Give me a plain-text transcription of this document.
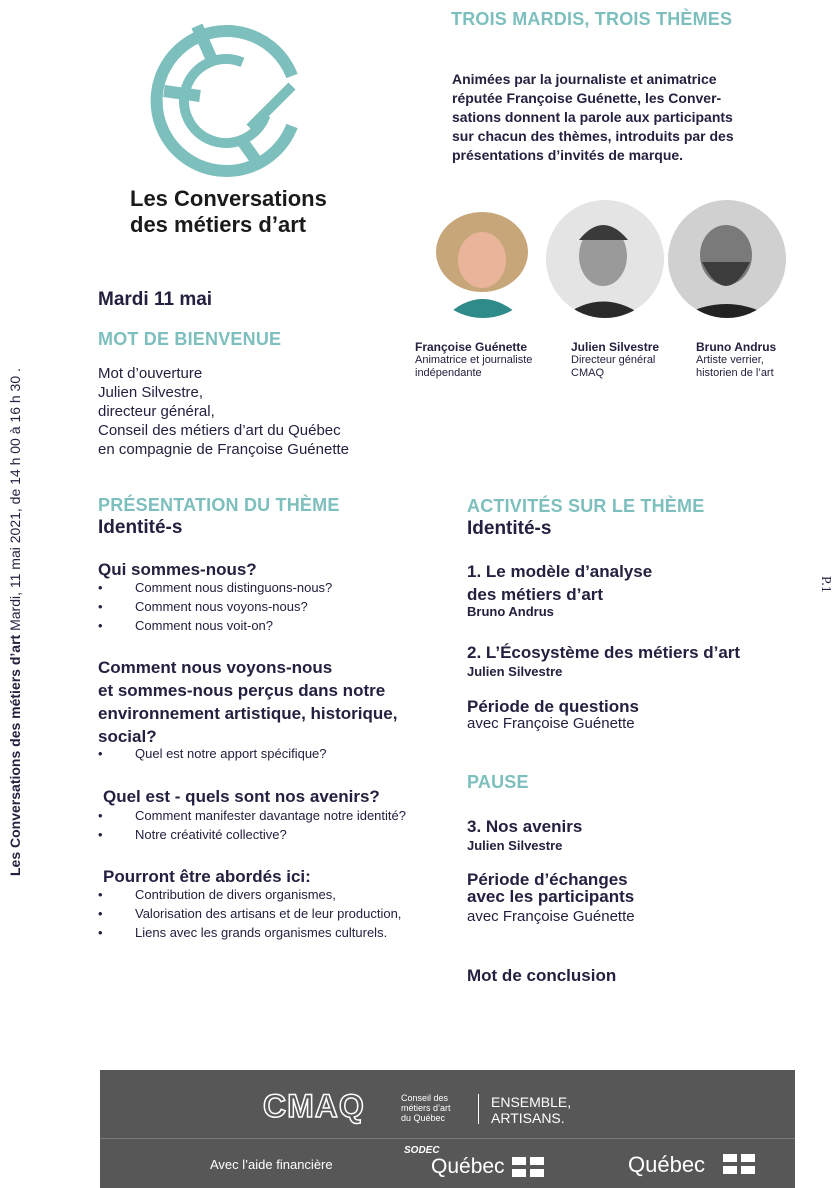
Les Conversations des métiers d’art Mardi, 11 mai 2021, de 14 h 00 à 16 h 30 .	P.1
Les Conversations
des métiers d’art
TROIS MARDIS, TROIS THÈMES
Animées par la journaliste et animatrice
réputée Françoise Guénette, les Conver-
sations donnent la parole aux participants
sur chacun des thèmes, introduits par des
présentations d’invités de marque.
Françoise Guénette
Animatrice et journaliste
indépendante
Julien Silvestre
Directeur général
CMAQ
Bruno Andrus
Artiste verrier,
historien de l’art
Mardi 11 mai
MOT DE BIENVENUE
Mot d’ouverture
Julien Silvestre,
directeur général,
Conseil des métiers d’art du Québec
en compagnie de Françoise Guénette
PRÉSENTATION DU THÈME
Identité-s
Qui sommes-nous?
• Comment nous distinguons-nous?
• Comment nous voyons-nous?
• Comment nous voit-on?
Comment nous voyons-nous
et sommes-nous perçus dans notre
environnement artistique, historique,
social?
• Quel est notre apport spécifique?
Quel est - quels sont nos avenirs?
• Comment manifester davantage notre identité?
• Notre créativité collective?
Pourront être abordés ici:
• Contribution de divers organismes,
• Valorisation des artisans et de leur production,
• Liens avec les grands organismes culturels.
ACTIVITÉS SUR LE THÈME
Identité-s
1. Le modèle d’analyse
des métiers d’art
Bruno Andrus
2. L’Écosystème des métiers d’art
Julien Silvestre
Période de questions
avec Françoise Guénette
PAUSE
3. Nos avenirs
Julien Silvestre
Période d’échanges
avec les participants
avec Françoise Guénette
Mot de conclusion
CMAQ	Conseil des
métiers d’art
du Québec
ENSEMBLE,
ARTISANS.
Avec l’aide financière
SODEC
Québec	Québec
